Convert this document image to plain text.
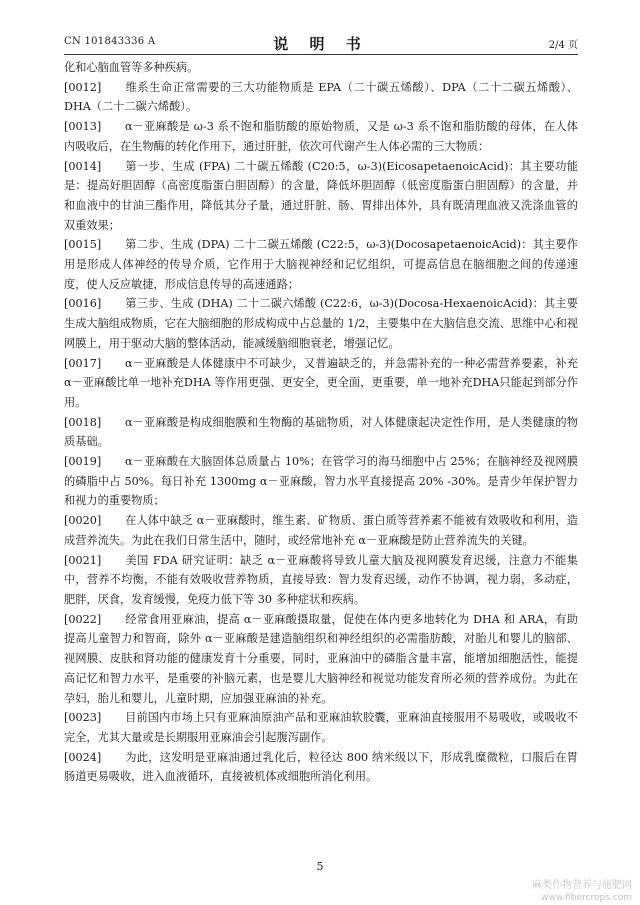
CN 101843336 A	说 明 书	2/4 页

化和心脑血管等多种疾病。

[0012] 维系生命正常需要的三大功能物质是 EPA（二十碳五烯酸）、DPA（二十二碳五烯酸）、DHA（二十二碳六烯酸）。

[0013] α－亚麻酸是 ω-3 系不饱和脂肪酸的原始物质，又是 ω-3 系不饱和脂肪酸的母体，在人体内吸收后，在生物酶的转化作用下，通过肝脏，依次可代谢产生人体必需的三大物质：

[0014] 第一步、生成 (FPA) 二十碳五烯酸 (C20:5，ω-3)(EicosapetaenoicAcid)：其主要功能是：提高好胆固醇（高密度脂蛋白胆固醇）的含量，降低坏胆固醇（低密度脂蛋白胆固醇）的含量，并和血液中的甘油三酯作用，降低其分子量，通过肝脏、肠、胃排出体外，具有既清理血液又洗涤血管的双重效果；

[0015] 第二步、生成 (DPA) 二十二碳五烯酸 (C22:5，ω-3)(DocosapetaenoicAcid)：其主要作用是形成人体神经的传导介质，它作用于大脑视神经和记忆组织，可提高信息在脑细胞之间的传递速度，使人反应敏捷，形成信息传导的高速通路；

[0016] 第三步、生成 (DHA) 二十二碳六烯酸 (C22:6，ω-3)(Docosa-HexaenoicAcid)：其主要生成大脑组成物质，它在大脑细胞的形成构成中占总量的 1/2，主要集中在大脑信息交流、思维中心和视网膜上，用于驱动大脑的整体活动，能减缓脑细胞衰老，增强记忆。

[0017] α－亚麻酸是人体健康中不可缺少，又普遍缺乏的，并急需补充的一种必需营养要素，补充 α－亚麻酸比单一地补充DHA 等作用更强、更安全，更全面，更重要，单一地补充DHA只能起到部分作用。

[0018] α－亚麻酸是构成细胞膜和生物酶的基础物质，对人体健康起决定性作用，是人类健康的物质基础。

[0019] α－亚麻酸在大脑固体总质量占 10%；在管学习的海马细胞中占 25%；在脑神经及视网膜的磷脂中占 50%。每日补充 1300mg α－亚麻酸，智力水平直接提高 20% -30%。是青少年保护智力和视力的重要物质；

[0020] 在人体中缺乏 α－亚麻酸时，维生素、矿物质、蛋白质等营养素不能被有效吸收和利用，造成营养流失。为此在我们日常生活中，随时，或经常地补充 α－亚麻酸是防止营养流失的关键。

[0021] 美国 FDA 研究证明：缺乏 α－亚麻酸将导致儿童大脑及视网膜发育迟缓，注意力不能集中，营养不均衡，不能有效吸收营养物质，直接导致：智力发育迟缓，动作不协调，视力弱，多动症，肥胖，厌食，发育缓慢，免疫力低下等 30 多种症状和疾病。

[0022] 经常食用亚麻油，提高 α－亚麻酸摄取量，促使在体内更多地转化为 DHA 和 ARA，有助提高儿童智力和智商，除外 α－亚麻酸是建造脑组织和神经组织的必需脂肪酸，对胎儿和婴儿的脑部、视网膜、皮肤和肾功能的健康发育十分重要，同时，亚麻油中的磷脂含量丰富，能增加细胞活性，能提高记忆和智力水平，是重要的补脑元素，也是婴儿大脑神经和视觉功能发育所必须的营养成份。为此在孕妇，胎儿和婴儿，儿童时期，应加强亚麻油的补充。

[0023] 目前国内市场上只有亚麻油原油产品和亚麻油软胶囊，亚麻油直接服用不易吸收，或吸收不完全，尤其大量或是长期服用亚麻油会引起腹泻副作。

[0024] 为此，这发明是亚麻油通过乳化后，粒径达 800 纳米级以下，形成乳糜微粒，口服后在胃肠道更易吸收，进入血液循环，直接被机体或细胞所消化利用。

5
麻类作物营养与施肥网
www.fibercrops.com
